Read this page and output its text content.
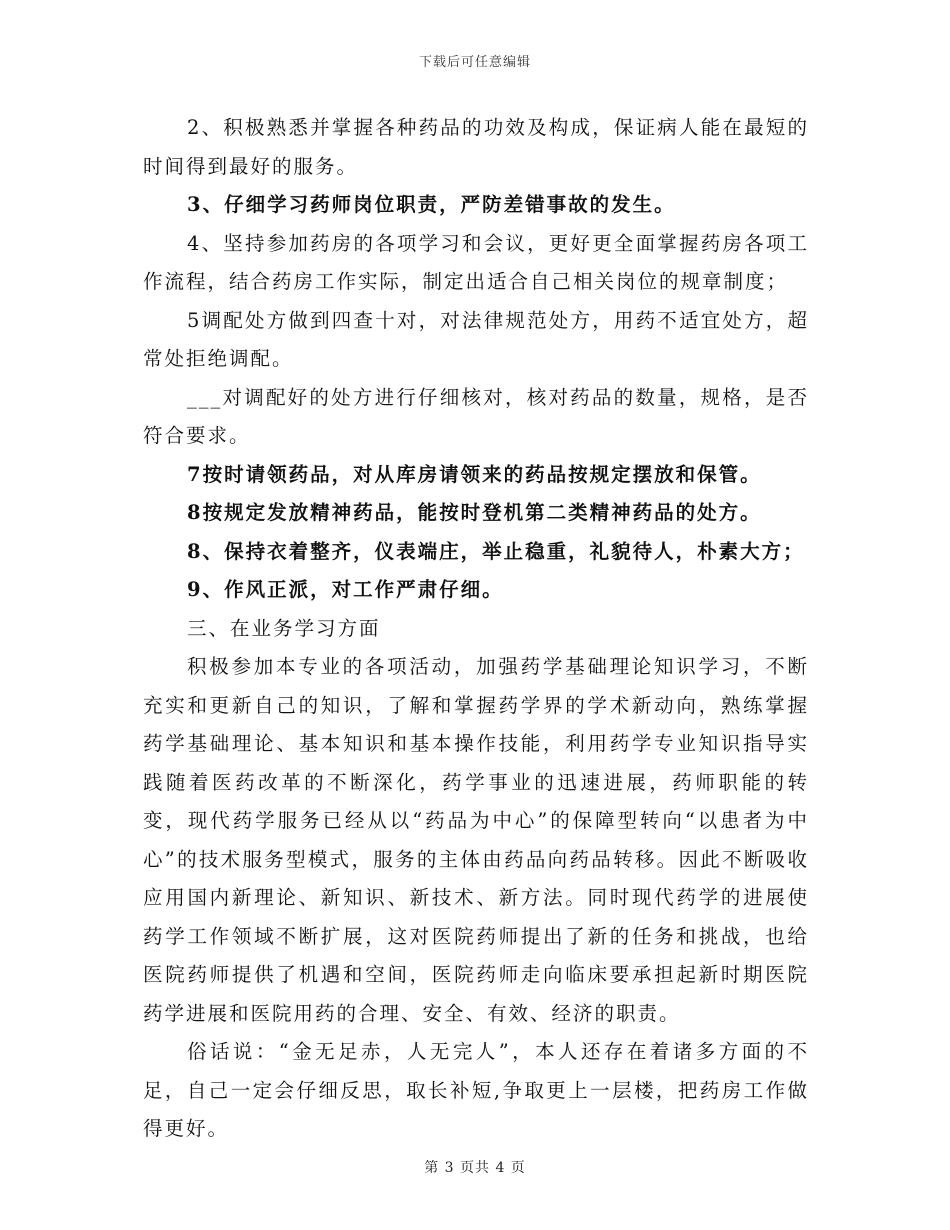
下载后可任意编辑

2、积极熟悉并掌握各种药品的功效及构成，保证病人能在最短的时间得到最好的服务。

3、仔细学习药师岗位职责，严防差错事故的发生。

4、坚持参加药房的各项学习和会议，更好更全面掌握药房各项工作流程，结合药房工作实际，制定出适合自己相关岗位的规章制度；

5调配处方做到四查十对，对法律规范处方，用药不适宜处方，超常处拒绝调配。

___对调配好的处方进行仔细核对，核对药品的数量，规格，是否符合要求。

7按时请领药品，对从库房请领来的药品按规定摆放和保管。

8按规定发放精神药品，能按时登机第二类精神药品的处方。

8、保持衣着整齐，仪表端庄，举止稳重，礼貌待人，朴素大方；

9、作风正派，对工作严肃仔细。

三、在业务学习方面

积极参加本专业的各项活动，加强药学基础理论知识学习，不断充实和更新自己的知识，了解和掌握药学界的学术新动向，熟练掌握药学基础理论、基本知识和基本操作技能，利用药学专业知识指导实践随着医药改革的不断深化，药学事业的迅速进展，药师职能的转变，现代药学服务已经从以“药品为中心”的保障型转向“以患者为中心”的技术服务型模式，服务的主体由药品向药品转移。因此不断吸收应用国内新理论、新知识、新技术、新方法。同时现代药学的进展使药学工作领域不断扩展，这对医院药师提出了新的任务和挑战，也给医院药师提供了机遇和空间，医院药师走向临床要承担起新时期医院药学进展和医院用药的合理、安全、有效、经济的职责。

俗话说：“金无足赤，人无完人”，本人还存在着诸多方面的不足，自己一定会仔细反思，取长补短,争取更上一层楼，把药房工作做得更好。

第 3 页共 4 页
